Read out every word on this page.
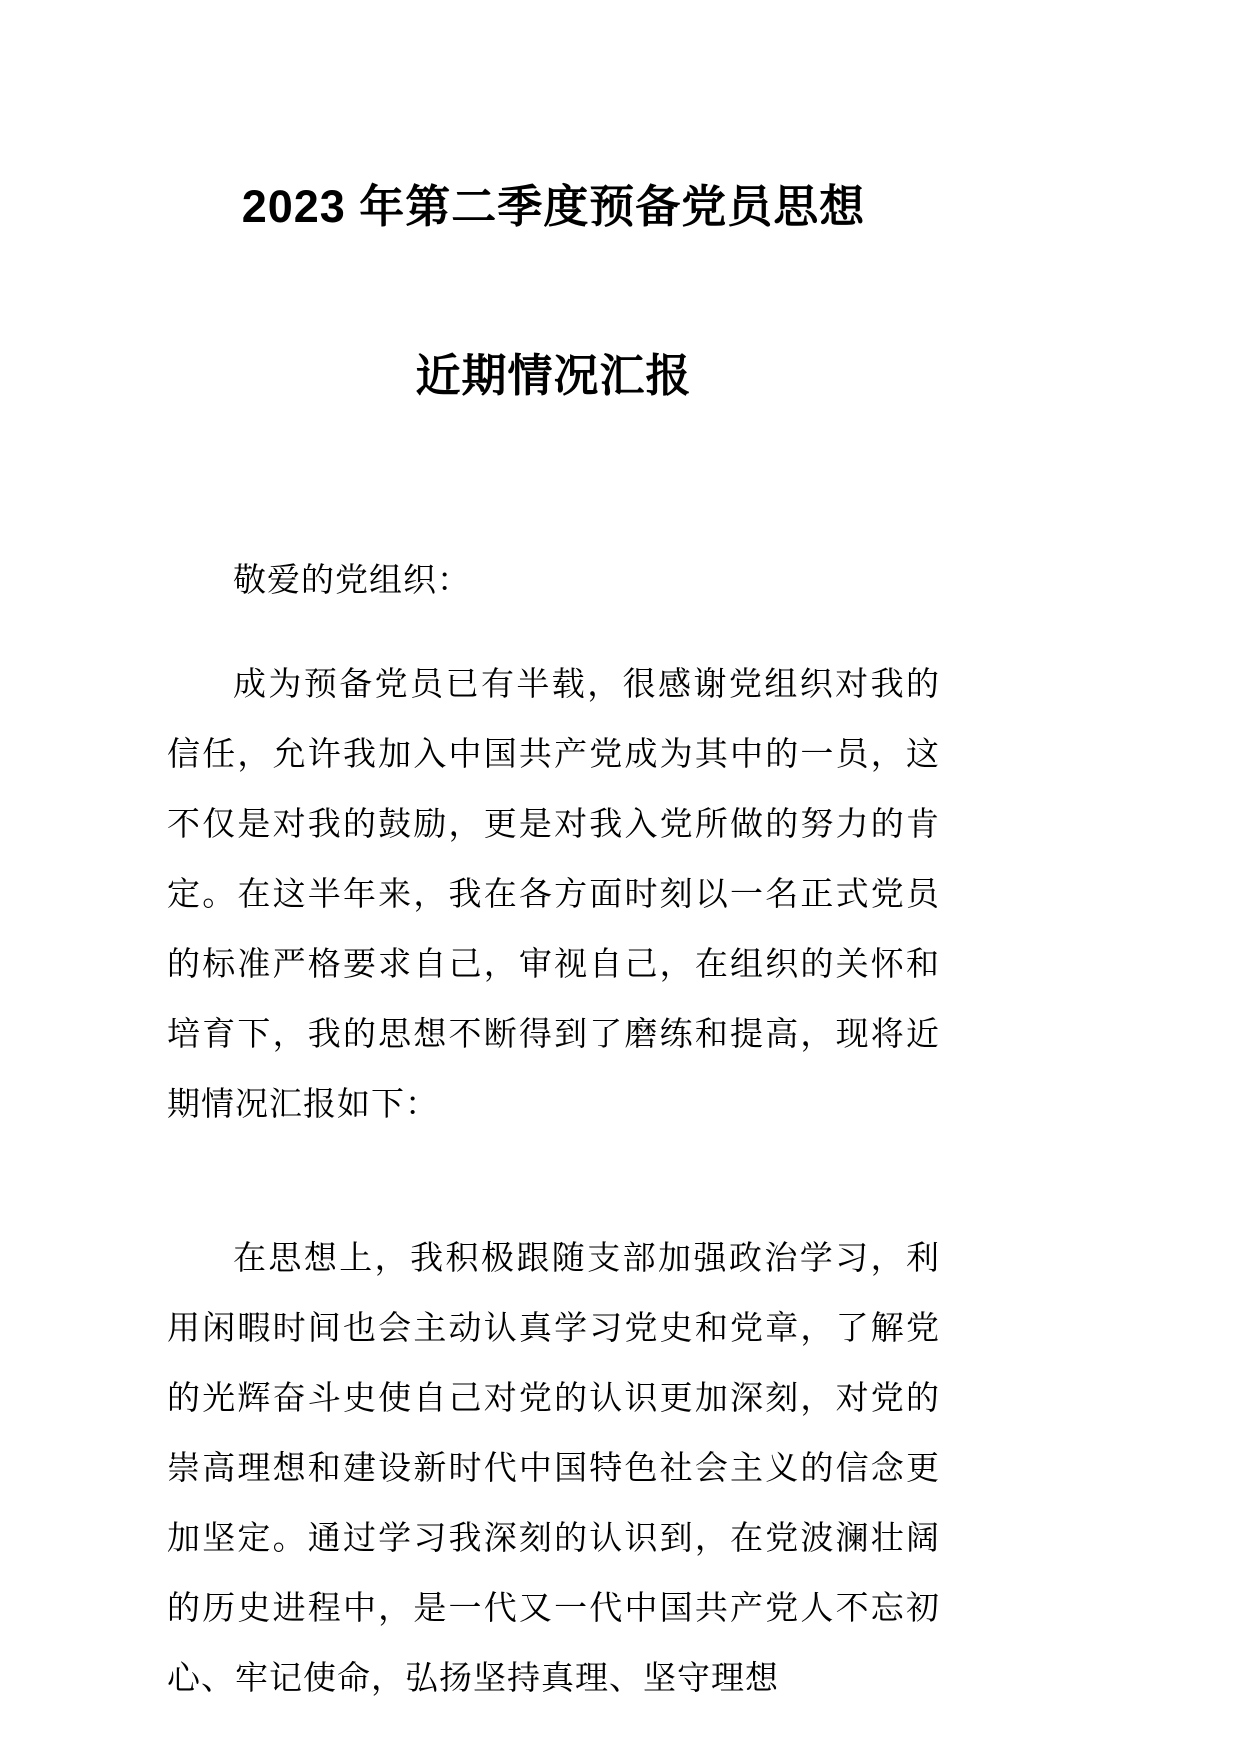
2023 年第二季度预备党员思想
近期情况汇报

敬爱的党组织：

成为预备党员已有半载，很感谢党组织对我的信任，允许我加入中国共产党成为其中的一员，这不仅是对我的鼓励，更是对我入党所做的努力的肯定。在这半年来，我在各方面时刻以一名正式党员的标准严格要求自己，审视自己，在组织的关怀和培育下，我的思想不断得到了磨练和提高，现将近期情况汇报如下：

在思想上，我积极跟随支部加强政治学习，利用闲暇时间也会主动认真学习党史和党章，了解党的光辉奋斗史使自己对党的认识更加深刻，对党的崇高理想和建设新时代中国特色社会主义的信念更加坚定。通过学习我深刻的认识到，在党波澜壮阔的历史进程中，是一代又一代中国共产党人不忘初心、牢记使命，弘扬坚持真理、坚守理想
